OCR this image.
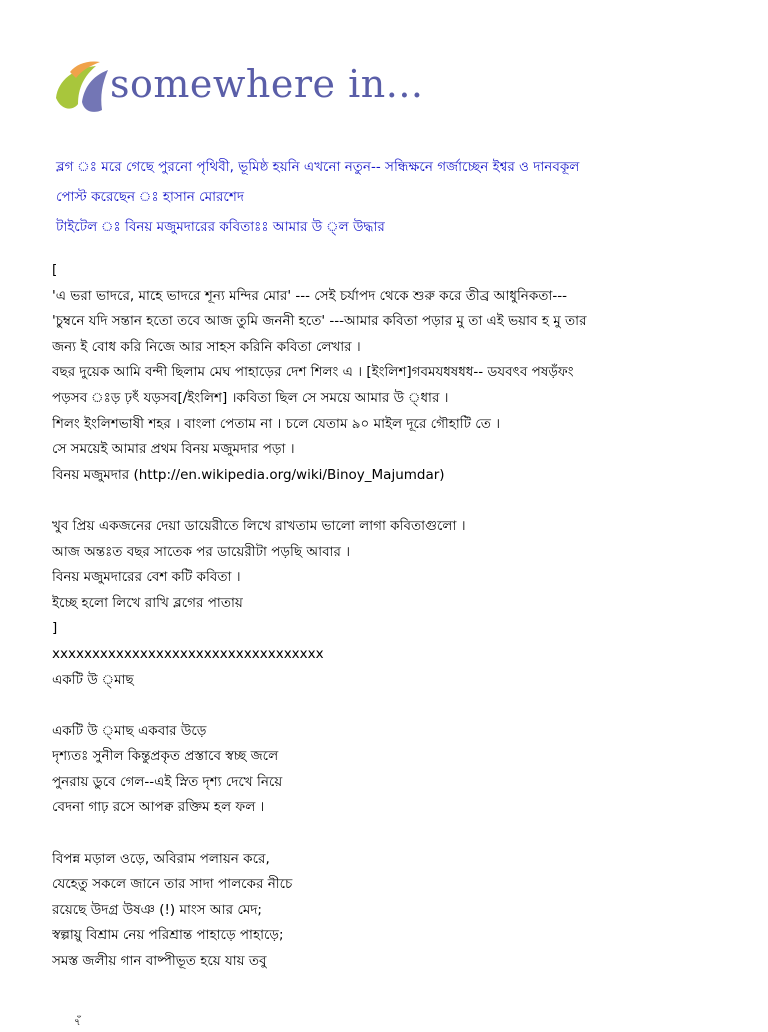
somewhere in...
ব্লগ ঃ মরে গেছে পুরনো পৃথিবী, ভূমিষ্ঠ হয়নি এখনো নতুন-- সন্ধিক্ষনে গর্জাচ্ছেন ইশ্বর ও দানবকূল
পোস্ট করেছেন ঃ হাসান মোরশেদ
টাইটেল ঃ বিনয় মজুমদারের কবিতাঃঃ আমার উ ্ল উদ্ধার
[
'এ ভরা ভাদরে, মাহে ভাদরে শূন্য মন্দির মোর' --- সেই চর্যাপদ থেকে শুরু করে তীব্র আধুনিকতা---
'চুম্বনে যদি সন্তান হতো তবে আজ তুমি জননী হতে' ---আমার কবিতা পড়ার মু তা এই ভয়াব হ মু তার
জন্য ই বোধ করি নিজে আর সাহস করিনি কবিতা লেখার ।
বছর দুয়েক আমি বন্দী ছিলাম মেঘ পাহাড়ের দেশ শিলং এ । [ইংলিশ]গবমযধষধধ-- ডযবৎব পষড়ঁফং
পড়সব ঃড় ঢ়ৎঁ যড়সব[/ইংলিশ] ।কবিতা ছিল সে সময়ে আমার উ ্ধার ।
শিলং ইংলিশভাষী শহর । বাংলা পেতাম না । চলে যেতাম ৯০ মাইল দূরে গৌহাটি তে ।
সে সময়েই আমার প্রথম বিনয় মজুমদার পড়া ।
বিনয় মজুমদার (http://en.wikipedia.org/wiki/Binoy_Majumdar)
খুব প্রিয় একজনের দেয়া ডায়েরীতে লিখে রাখতাম ভালো লাগা কবিতাগুলো ।
আজ অন্তঃত বছর সাতেক পর ডায়েরীটা পড়ছি আবার ।
বিনয় মজুমদারের বেশ কটি কবিতা ।
ইচ্ছে হলো লিখে রাখি ব্লগের পাতায়
]
xxxxxxxxxxxxxxxxxxxxxxxxxxxxxxxxxx
একটি উ ্মাছ
একটি উ ্মাছ একবার উড়ে
দৃশ্যতঃ সুনীল কিন্তুপ্রকৃত প্রস্তাবে স্বচ্ছ জলে
পুনরায় ডুবে গেল--এই স্নিত দৃশ্য দেখে নিয়ে
বেদনা গাঢ় রসে আপক্ব রক্তিম হল ফল ।
বিপন্ন মড়াল ওড়ে, অবিরাম পলায়ন করে,
যেহেতু সকলে জানে তার সাদা পালকের নীচে
রয়েছে উদগ্র উষঞ (!) মাংস আর মেদ;
স্বল্পায়ু বিশ্রাম নেয় পরিশ্রান্ত পাহাড়ে পাহাড়ে;
সমস্ত জলীয় গান বাষ্পীভূত হয়ে যায় তবু
৭ঁ
